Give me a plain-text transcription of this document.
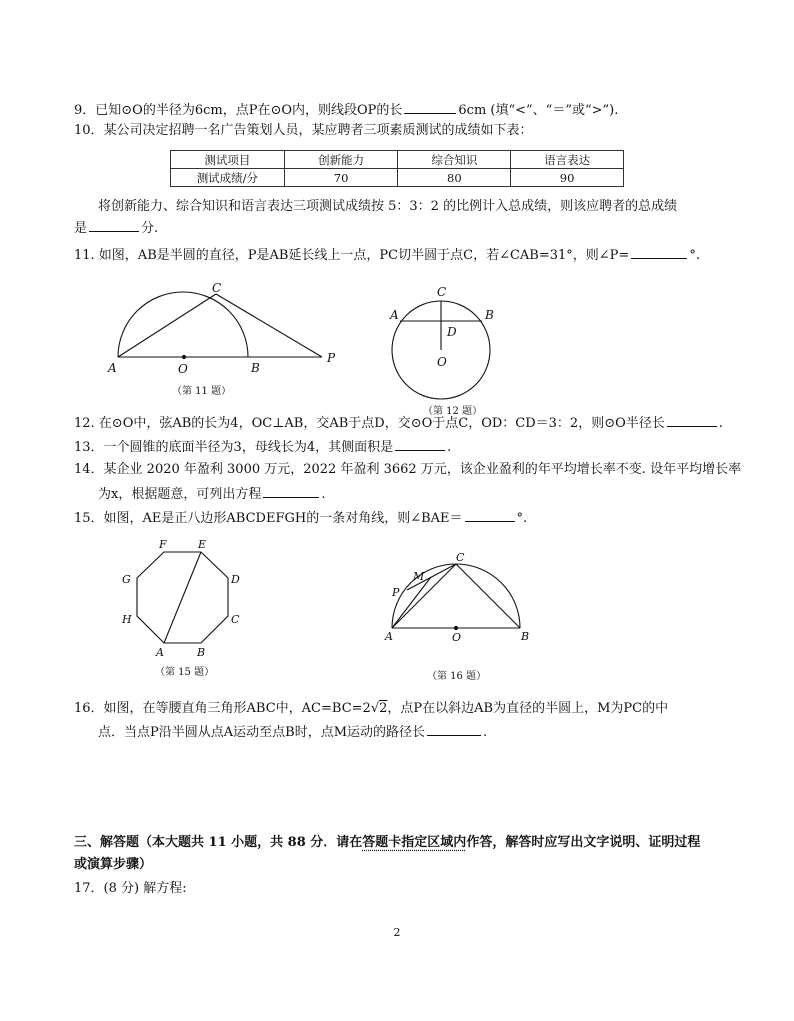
9．已知⊙O的半径为6cm，点P在⊙O内，则线段OP的长	6cm (填“<”、“＝”或“>”).
10．某公司决定招聘一名广告策划人员，某应聘者三项素质测试的成绩如下表：
测试项目	创新能力	综合知识	语言表达
测试成绩/分	70	80	90
将创新能力、综合知识和语言表达三项测试成绩按 5：3：2 的比例计入总成绩，则该应聘者的总成绩
是	分.
11. 如图，AB是半圆的直径，P是AB延长线上一点，PC切半圆于点C，若∠CAB=31°，则∠P=	°.
A	O	B
C
P
（第 11 题）
C
A	B
D
O
（第 12 题）
F	E
D
C
A	B
G
H
（第 15 题）
C
M
P
A	O	B
（第 16 题）
12. 在⊙O中，弦AB的长为4，OC⊥AB，交AB于点D，交⊙O于点C，OD：CD＝3：2，则⊙O半径长	.
13．一个圆锥的底面半径为3，母线长为4，其侧面积是	.
14．某企业 2020 年盈利 3000 万元，2022 年盈利 3662 万元，该企业盈利的年平均增长率不变. 设年平均增长率
为x，根据题意，可列出方程	.
15．如图，AE是正八边形ABCDEFGH的一条对角线，则∠BAE＝	°.
16．如图，在等腰直角三角形ABC中，AC=BC=2√2，点P在以斜边AB为直径的半圆上，M为PC的中
点．当点P沿半圆从点A运动至点B时，点M运动的路径长	.
三、解答题（本大题共 11 小题，共 88 分．请在答题卡指定区域内作答，解答时应写出文字说明、证明过程
或演算步骤）
17．(8 分) 解方程:
2
